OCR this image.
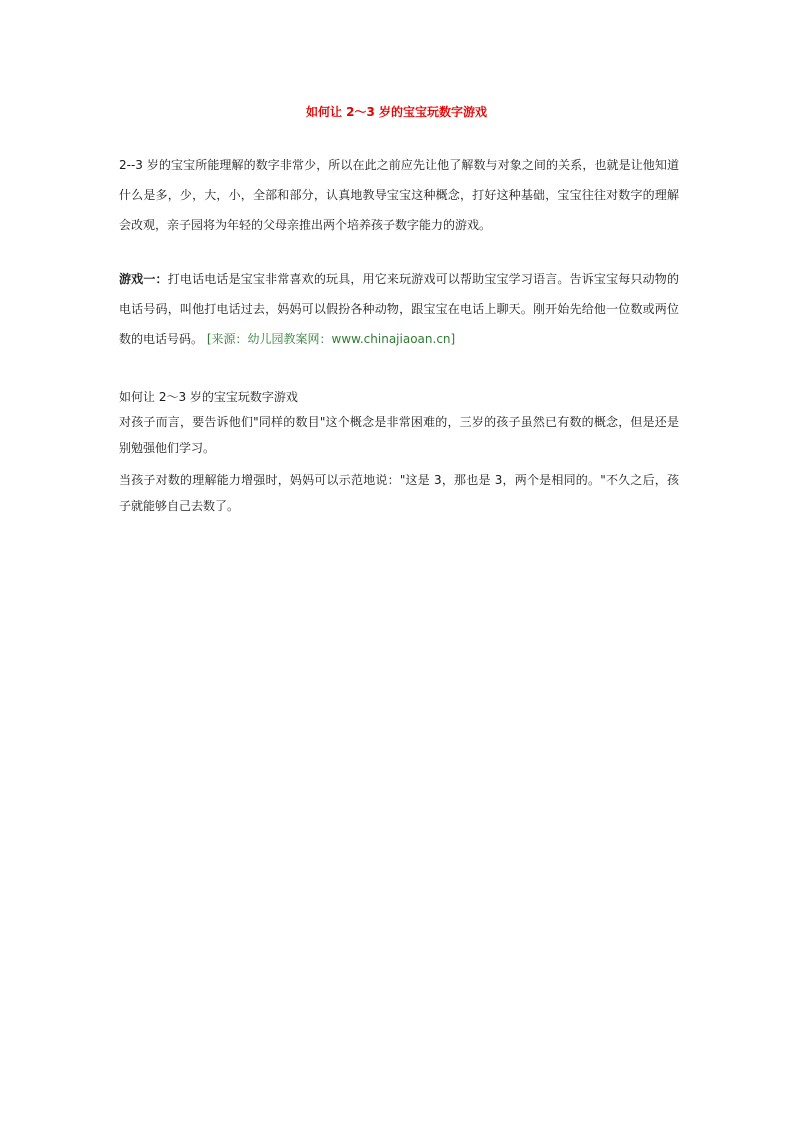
如何让 2～3 岁的宝宝玩数字游戏

2--3 岁的宝宝所能理解的数字非常少，所以在此之前应先让他了解数与对象之间的关系，也就是让他知道什么是多，少，大，小，全部和部分，认真地教导宝宝这种概念，打好这种基础，宝宝往往对数字的理解会改观，亲子园将为年轻的父母亲推出两个培养孩子数字能力的游戏。

游戏一：打电话电话是宝宝非常喜欢的玩具，用它来玩游戏可以帮助宝宝学习语言。告诉宝宝每只动物的电话号码，叫他打电话过去，妈妈可以假扮各种动物，跟宝宝在电话上聊天。刚开始先给他一位数或两位数的电话号码。 [来源：幼儿园教案网：www.chinajiaoan.cn]

如何让 2～3 岁的宝宝玩数字游戏

对孩子而言，要告诉他们"同样的数目"这个概念是非常困难的，三岁的孩子虽然已有数的概念，但是还是别勉强他们学习。

当孩子对数的理解能力增强时，妈妈可以示范地说："这是 3，那也是 3，两个是相同的。"不久之后，孩子就能够自己去数了。
